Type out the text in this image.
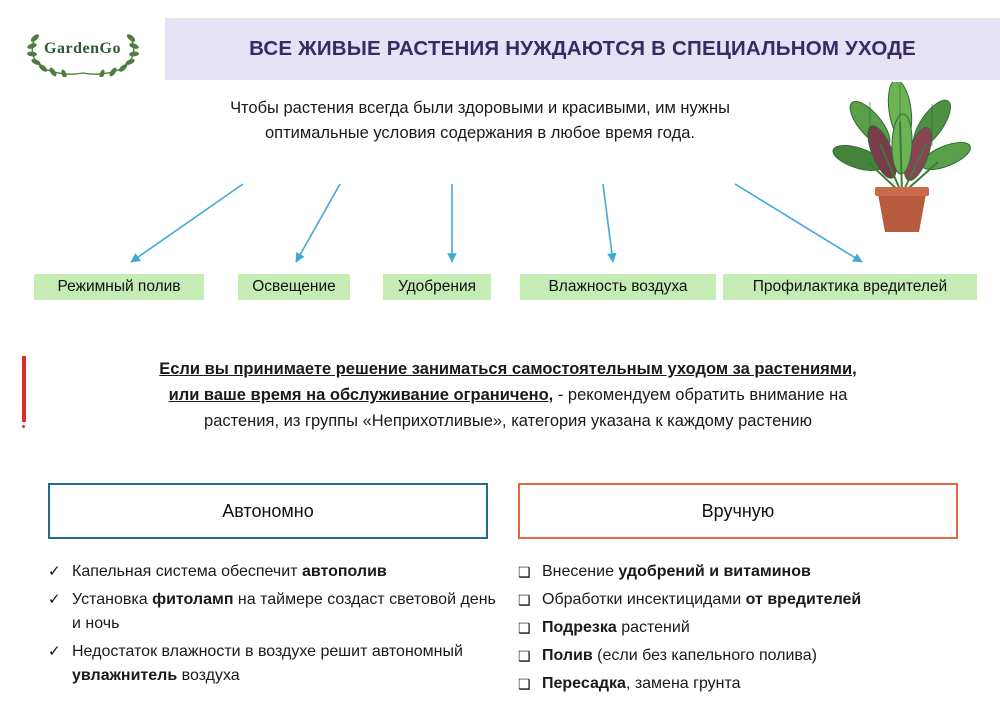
GardenGo	ВСЕ ЖИВЫЕ РАСТЕНИЯ НУЖДАЮТСЯ В СПЕЦИАЛЬНОМ УХОДЕ
Чтобы растения всегда были здоровыми и красивыми, им нужны
оптимальные условия содержания в любое время года.
Режимный полив	Освещение	Удобрения	Влажность воздуха	Профилактика вредителей
Если вы принимаете решение заниматься самостоятельным уходом за растениями,
или ваше время на обслуживание ограничено, - рекомендуем обратить внимание на
растения, из группы «Неприхотливые», категория указана к каждому растению
Автономно	Вручную
✓ Капельная система обеспечит автополив
✓ Установка фитоламп на таймере создаст световой день и ночь
✓ Недостаток влажности в воздухе решит автономный увлажнитель воздуха
❑ Внесение удобрений и витаминов
❑ Обработки инсектицидами от вредителей
❑ Подрезка растений
❑ Полив (если без капельного полива)
❑ Пересадка, замена грунта
